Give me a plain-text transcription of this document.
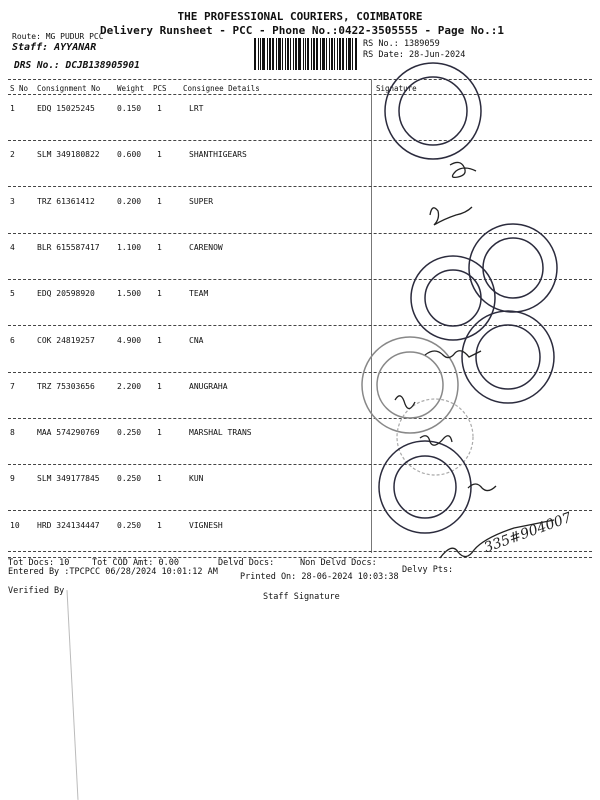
THE PROFESSIONAL COURIERS, COIMBATORE
Delivery Runsheet - PCC - Phone No.:0422-3505555 - Page No.:1
Route: MG PUDUR PCC
Staff: AYYANAR
DRS No.: DCJB138905901
RS No.: 1389059
RS Date: 28-Jun-2024
S No Consignment No Weight PCS Consignee Details	Signature
1	EDQ 15025245	0.150 1	LRT
2	SLM 349180822 0.600 1	SHANTHIGEARS
3	TRZ 61361412	0.200 1	SUPER
4	BLR 615587417 1.100 1	CARENOW
5	EDQ 20598920	1.500 1	TEAM
6	COK 24819257	4.900 1	CNA
7	TRZ 75303656	2.200 1	ANUGRAHA
8	MAA 574290769 0.250 1	MARSHAL TRANS
9	SLM 349177845 0.250 1	KUN
10 HRD 324134447 0.250 1	VIGNESH	335#904007
Tot Docs: 10	Tot COD Amt: 0.00	Delvd Docs:	Non Delvd Docs:
Delvy Pts:
Entered By :TPCPCC 06/28/2024 10:01:12 AM	Printed On: 28-06-2024 10:03:38
Verified By
Staff Signature
